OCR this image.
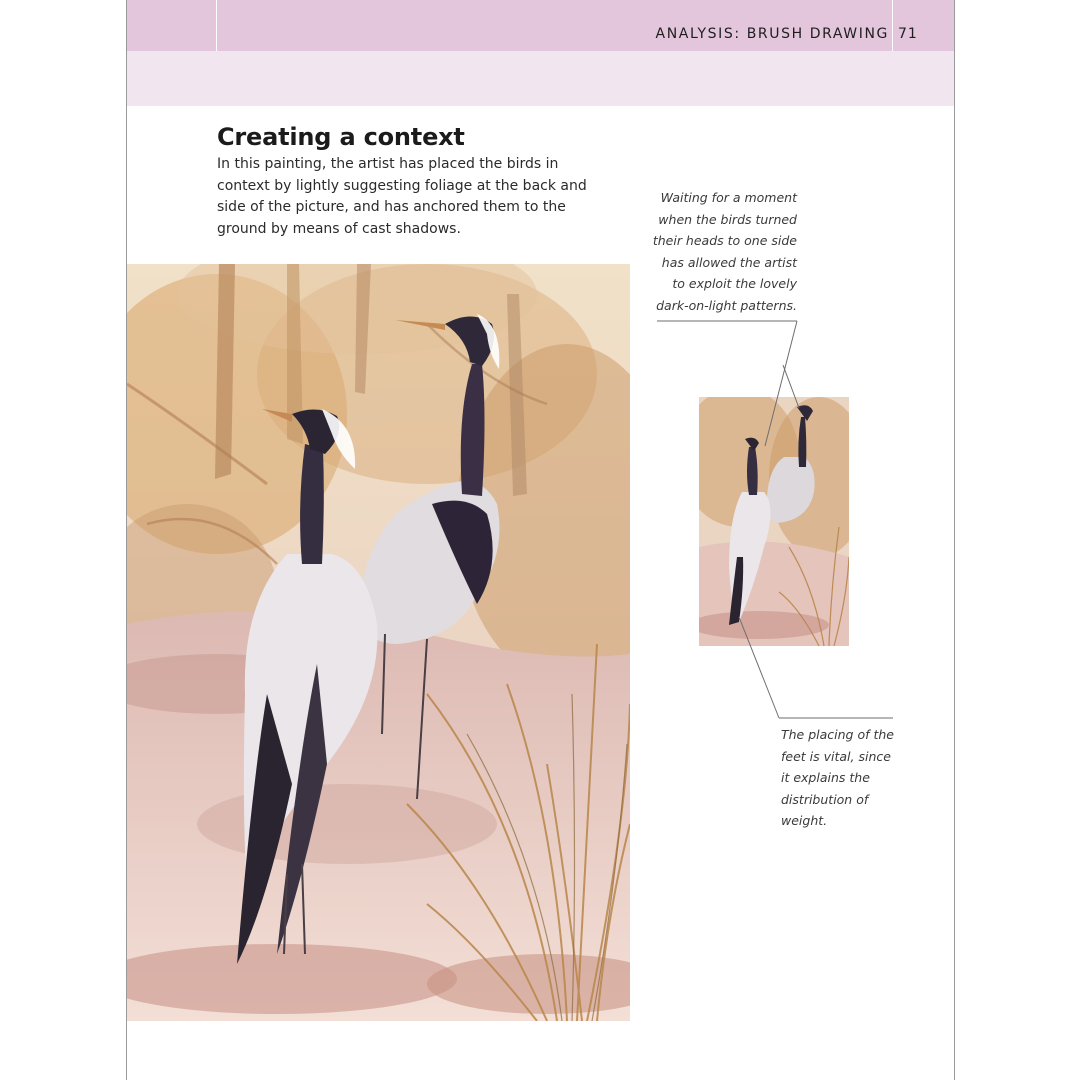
ANALYSIS: BRUSH DRAWING 71
Creating a context

In this painting, the artist has placed the birds in context by lightly suggesting foliage at the back and side of the picture, and has anchored them to the ground by means of cast shadows.

Waiting for a moment when the birds turned their heads to one side has allowed the artist to exploit the lovely dark-on-light patterns.

The placing of the feet is vital, since it explains the distribution of weight.
